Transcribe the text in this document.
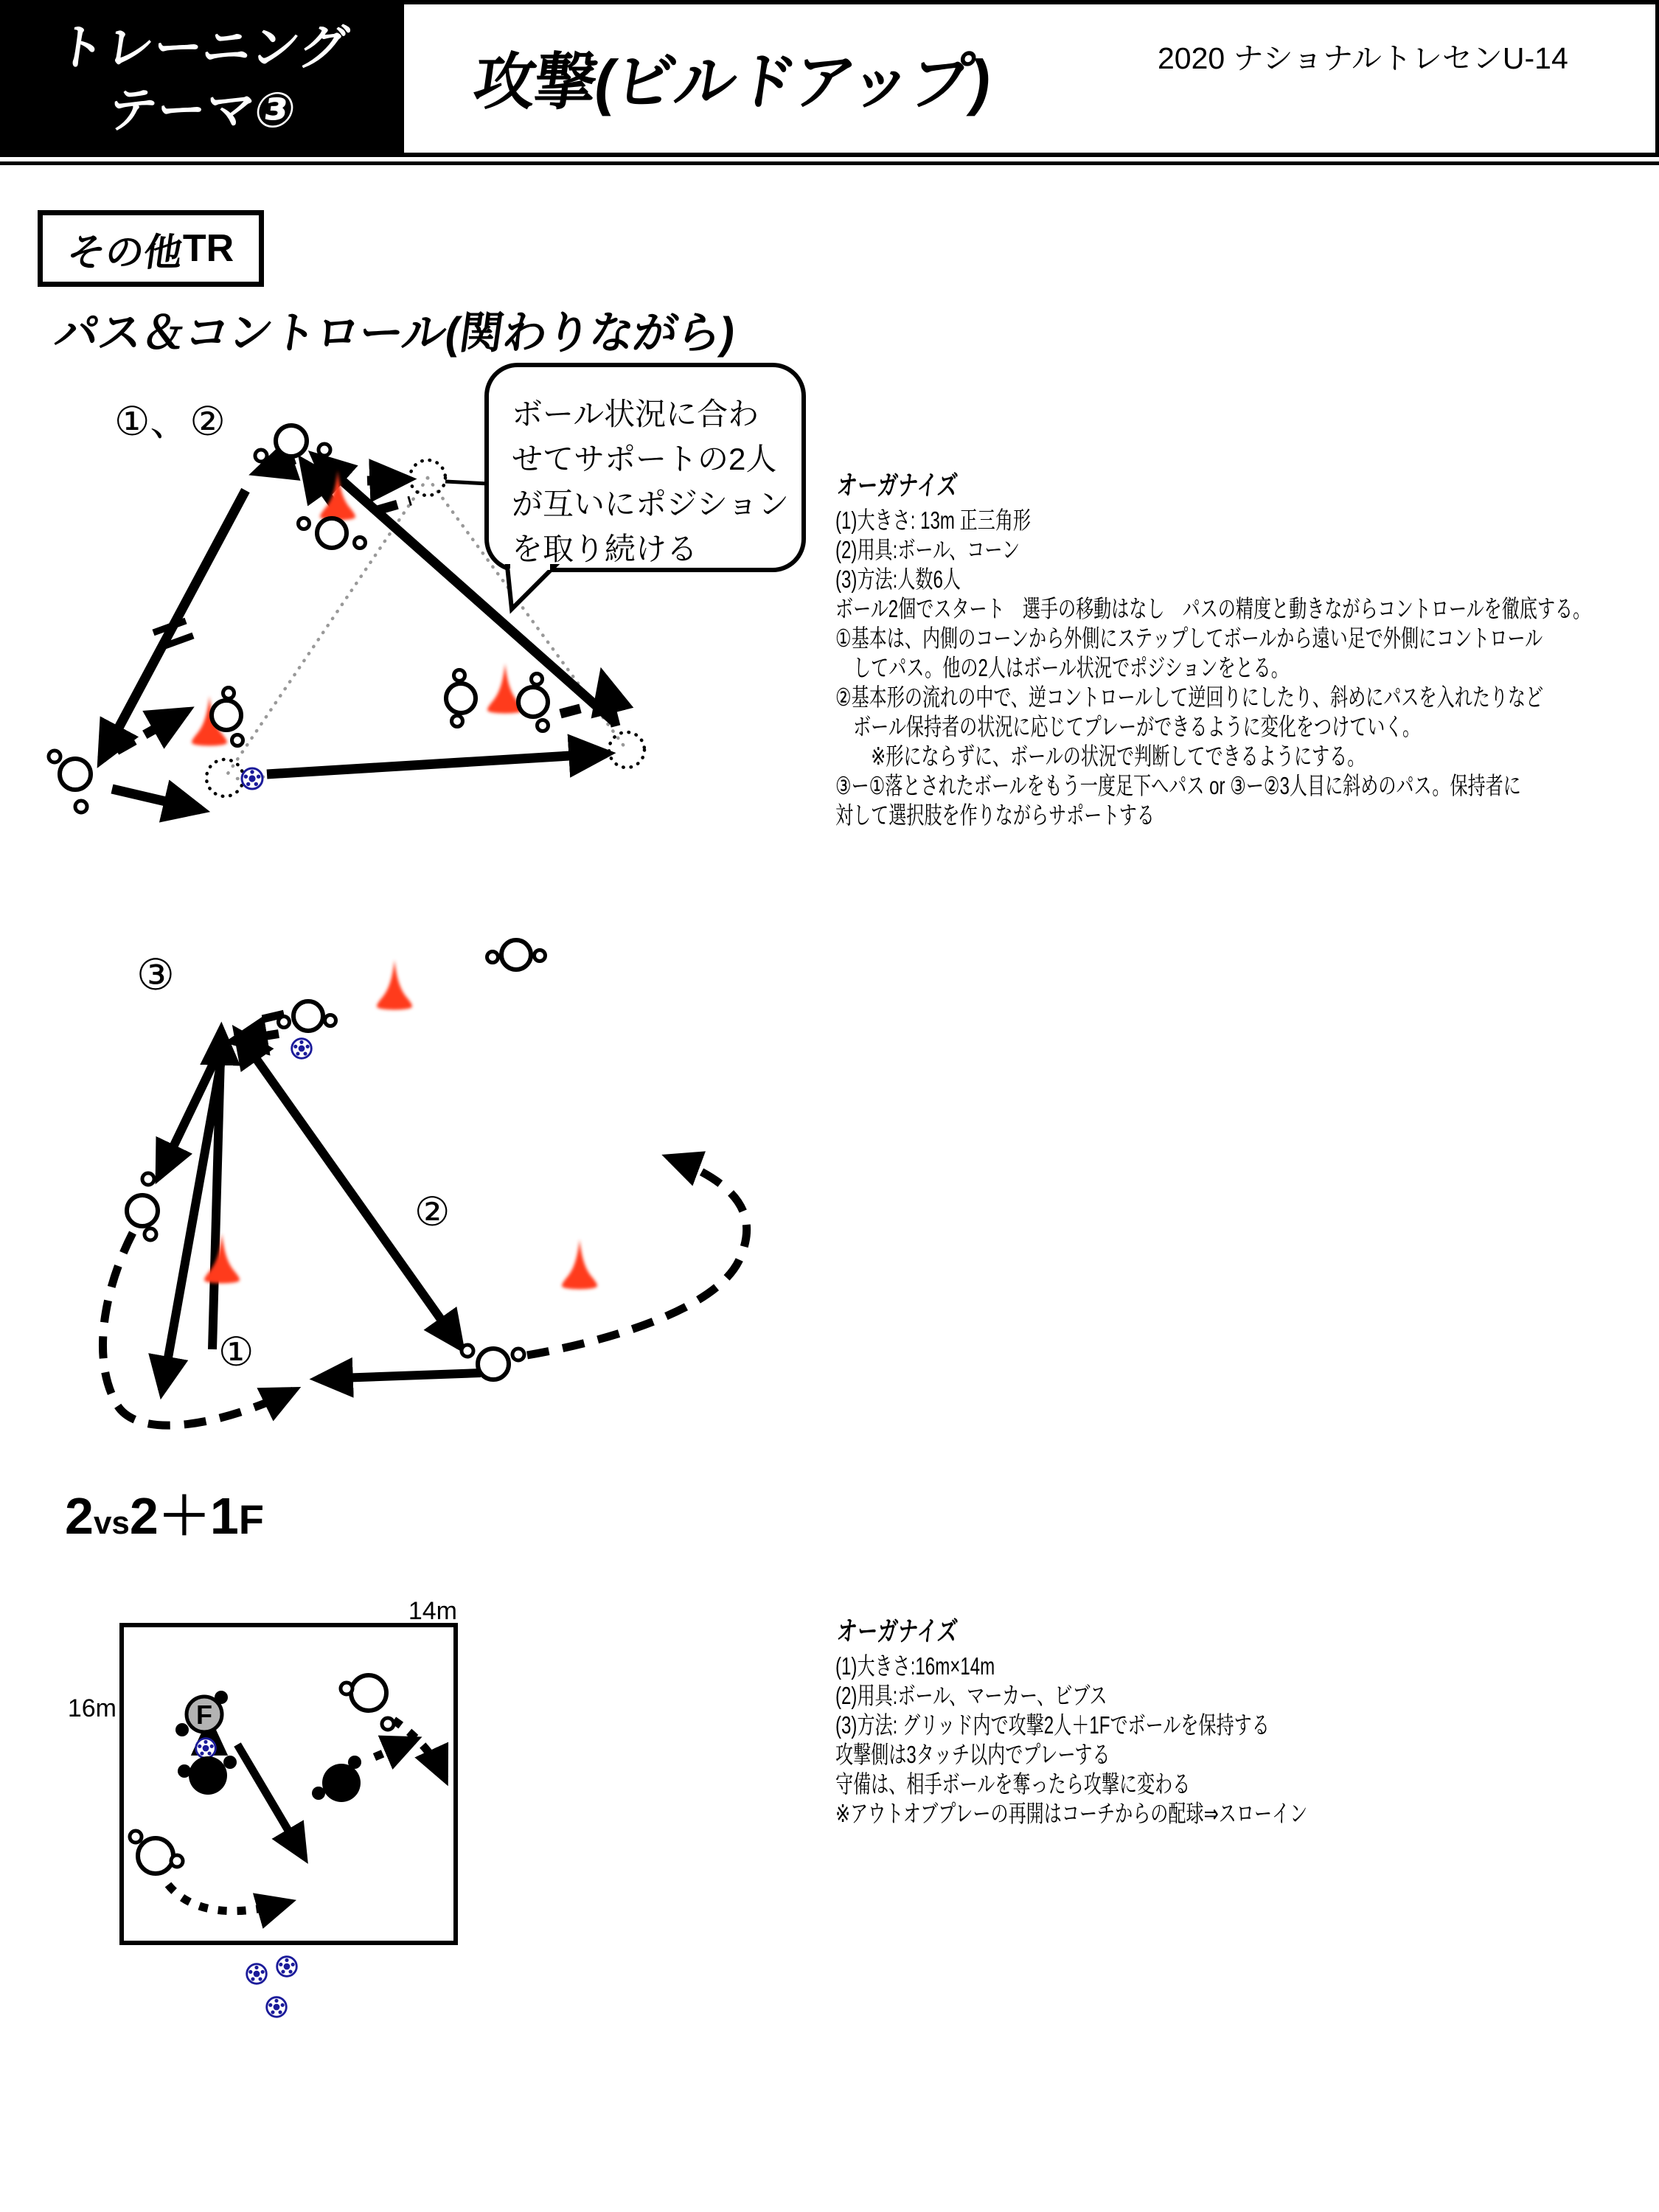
トレーニング
テーマ③	攻撃(ビルドアップ)	2020 ナショナルトレセンU-14
その他
TR
パス＆コントロール(関わりながら)
①、②	ボール状況に合わ
せてサポートの2人
が互いにポジション
を取り続ける
オーガナイズ
(1)大きさ: 13m 正三角形
(2)用具:ボール、コーン
(3)方法:人数6人
ボール2個でスタート　選手の移動はなし　パスの精度と動きながらコントロールを徹底する。
①基本は、内側のコーンから外側にステップしてボールから遠い足で外側にコントロール
　してパス。他の2人はボール状況でポジションをとる。
②基本形の流れの中で、逆コントロールして逆回りにしたり、斜めにパスを入れたりなど
　ボール保持者の状況に応じてプレーができるように変化をつけていく。
　　※形にならずに、ボールの状況で判断してできるようにする。
③ー①落とされたボールをもう一度足下へパス or ③ー②3人目に斜めのパス。保持者に
対して選択肢を作りながらサポートする
③
②
①
2vs2＋1F
14m
16m	F
オーガナイズ
(1)大きさ:16m×14m
(2)用具:ボール、マーカー、ビブス
(3)方法: グリッド内で攻撃2人＋1Fでボールを保持する
攻撃側は3タッチ以内でプレーする
守備は、相手ボールを奪ったら攻撃に変わる
※アウトオブプレーの再開はコーチからの配球⇒スローイン
